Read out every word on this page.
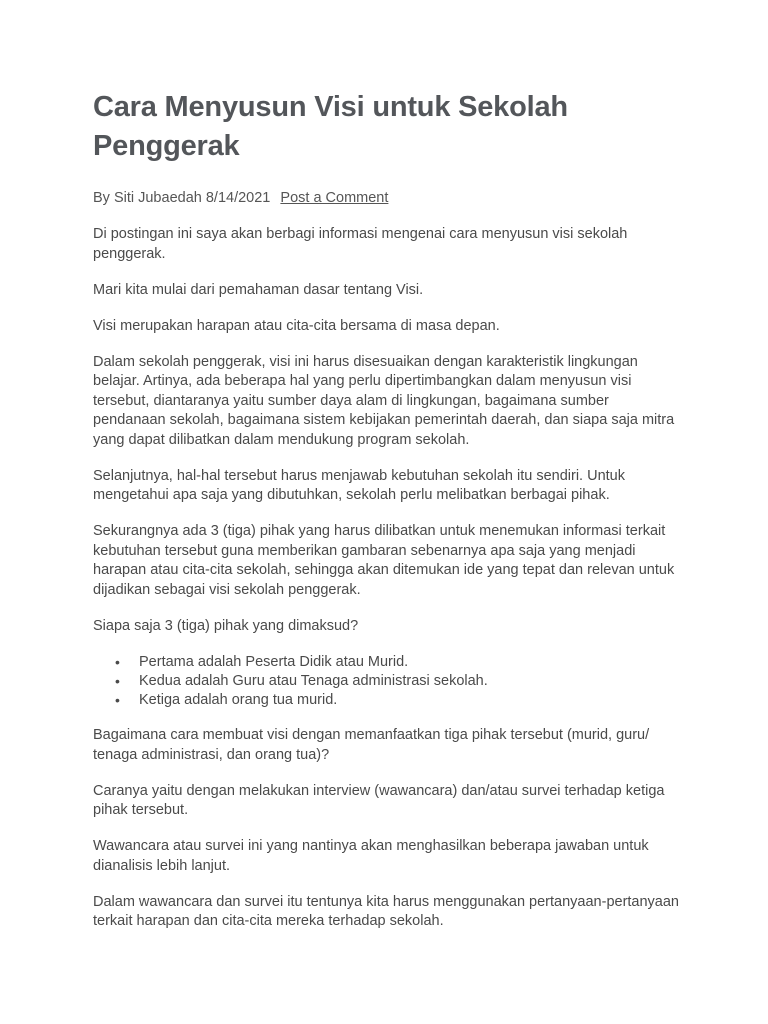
Cara Menyusun Visi untuk Sekolah Penggerak
By Siti Jubaedah 8/14/2021 Post a Comment

Di postingan ini saya akan berbagi informasi mengenai cara menyusun visi sekolah penggerak.

Mari kita mulai dari pemahaman dasar tentang Visi.

Visi merupakan harapan atau cita-cita bersama di masa depan.

Dalam sekolah penggerak, visi ini harus disesuaikan dengan karakteristik lingkungan belajar. Artinya, ada beberapa hal yang perlu dipertimbangkan dalam menyusun visi tersebut, diantaranya yaitu sumber daya alam di lingkungan, bagaimana sumber pendanaan sekolah, bagaimana sistem kebijakan pemerintah daerah, dan siapa saja mitra yang dapat dilibatkan dalam mendukung program sekolah.

Selanjutnya, hal-hal tersebut harus menjawab kebutuhan sekolah itu sendiri. Untuk mengetahui apa saja yang dibutuhkan, sekolah perlu melibatkan berbagai pihak.

Sekurangnya ada 3 (tiga) pihak yang harus dilibatkan untuk menemukan informasi terkait kebutuhan tersebut guna memberikan gambaran sebenarnya apa saja yang menjadi harapan atau cita-cita sekolah, sehingga akan ditemukan ide yang tepat dan relevan untuk dijadikan sebagai visi sekolah penggerak.

Siapa saja 3 (tiga) pihak yang dimaksud?

• Pertama adalah Peserta Didik atau Murid.
• Kedua adalah Guru atau Tenaga administrasi sekolah.
• Ketiga adalah orang tua murid.

Bagaimana cara membuat visi dengan memanfaatkan tiga pihak tersebut (murid, guru/ tenaga administrasi, dan orang tua)?

Caranya yaitu dengan melakukan interview (wawancara) dan/atau survei terhadap ketiga pihak tersebut.

Wawancara atau survei ini yang nantinya akan menghasilkan beberapa jawaban untuk dianalisis lebih lanjut.

Dalam wawancara dan survei itu tentunya kita harus menggunakan pertanyaan-pertanyaan terkait harapan dan cita-cita mereka terhadap sekolah.
